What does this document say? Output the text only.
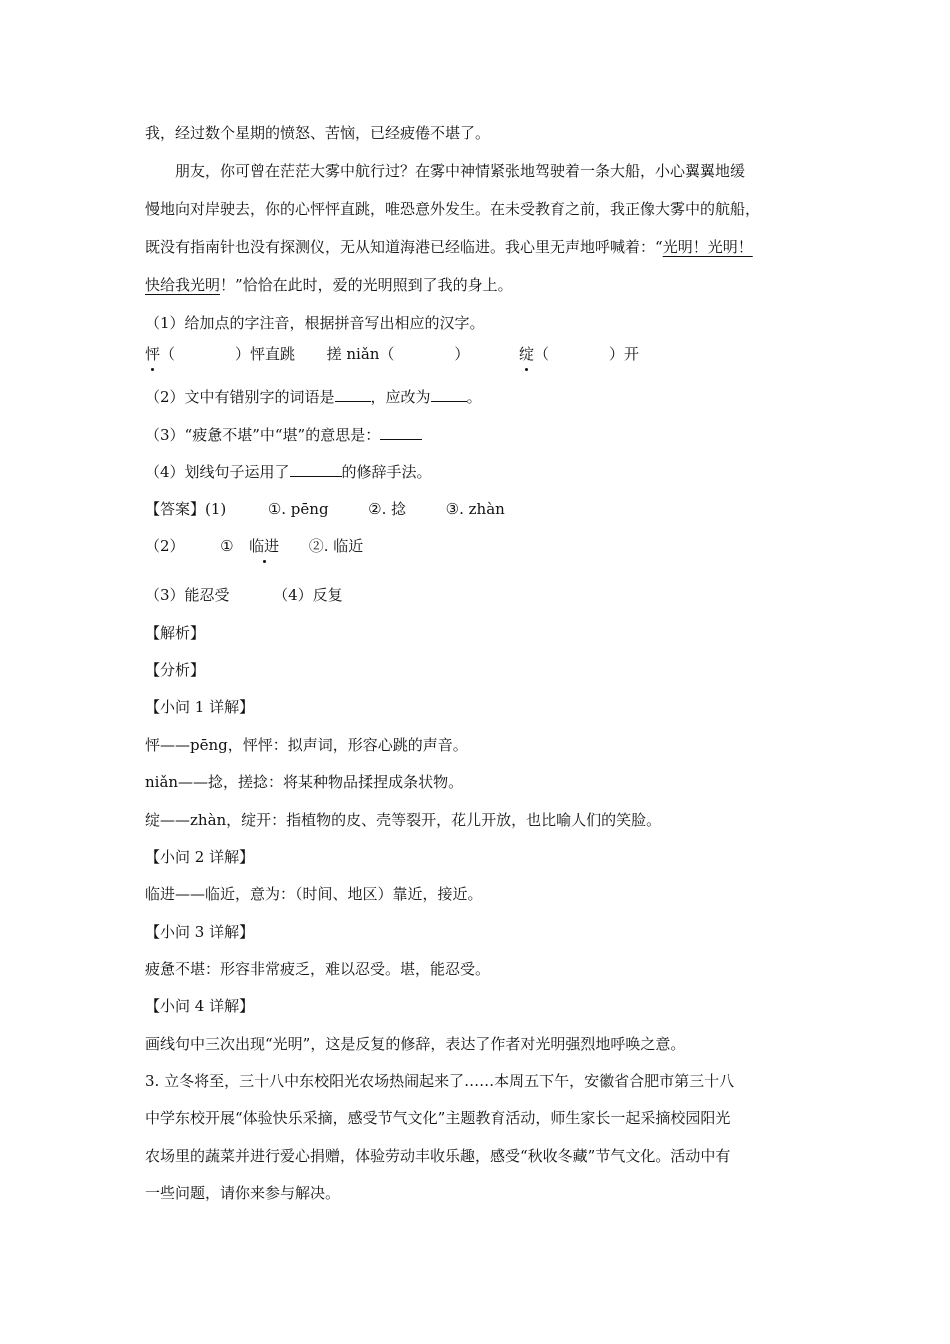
我，经过数个星期的愤怒、苦恼，已经疲倦不堪了。
朋友，你可曾在茫茫大雾中航行过？在雾中神情紧张地驾驶着一条大船，小心翼翼地缓
慢地向对岸驶去，你的心怦怦直跳，唯恐意外发生。在未受教育之前，我正像大雾中的航船，
既没有指南针也没有探测仪，无从知道海港已经临进。我心里无声地呼喊着：“光明！光明！
快给我光明！”恰恰在此时，爱的光明照到了我的身上。
（1）给加点的字注音，根据拼音写出相应的汉字。
怦（　　　　）怦直跳 搓 niǎn（　　　　）	绽（　　　　）开
（2）文中有错别字的词语是 ，应改为 。
（3）“疲惫不堪”中“堪”的意思是：
（4）划线句子运用了	的修辞手法。
【答案】(1)	①. pēng	②. 捻	③. zhàn
（2） ① 临进 ②. 临近
（3）能忍受	（4）反复
【解析】
【分析】
【小问 1 详解】
怦——pēng，怦怦：拟声词，形容心跳的声音。
niǎn——捻，搓捻：将某种物品揉捏成条状物。
绽——zhàn，绽开：指植物的皮、壳等裂开，花儿开放，也比喻人们的笑脸。
【小问 2 详解】
临进——临近，意为：（时间、地区）靠近，接近。
【小问 3 详解】
疲惫不堪：形容非常疲乏，难以忍受。堪，能忍受。
【小问 4 详解】
画线句中三次出现“光明”，这是反复的修辞，表达了作者对光明强烈地呼唤之意。
3. 立冬将至，三十八中东校阳光农场热闹起来了……本周五下午，安徽省合肥市第三十八
中学东校开展“体验快乐采摘，感受节气文化”主题教育活动，师生家长一起采摘校园阳光
农场里的蔬菜并进行爱心捐赠，体验劳动丰收乐趣，感受“秋收冬藏”节气文化。活动中有
一些问题，请你来参与解决。
